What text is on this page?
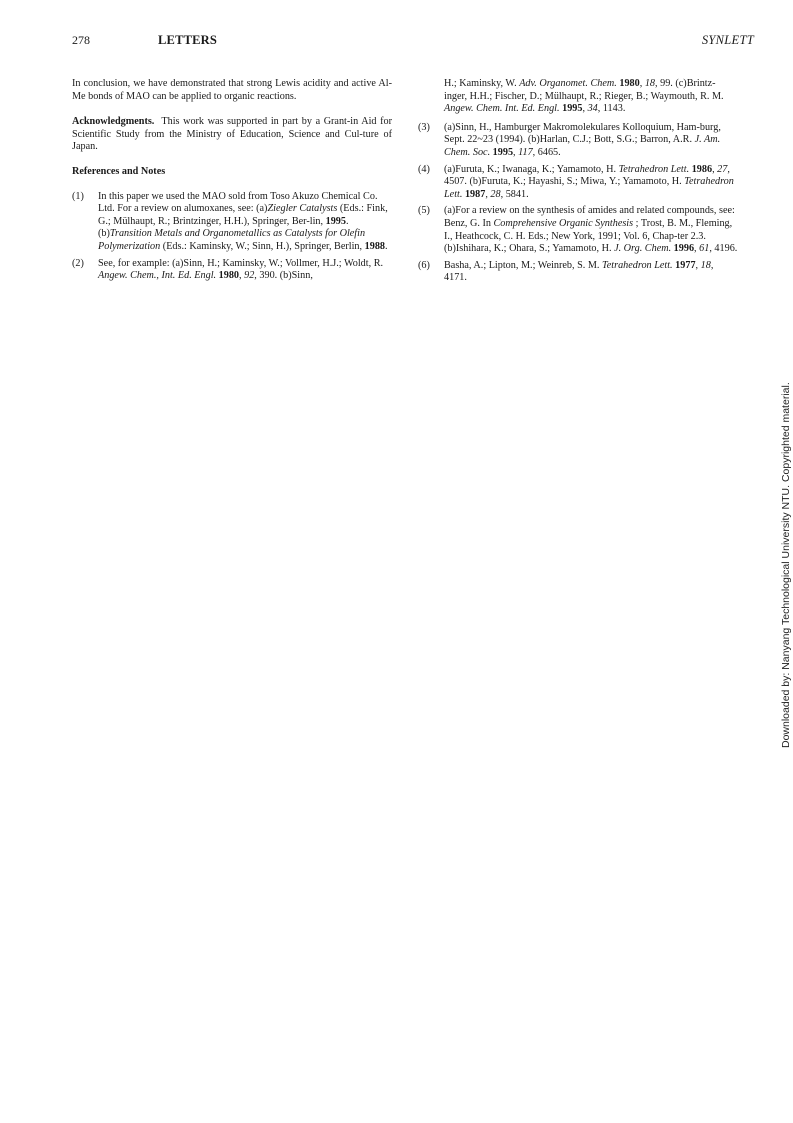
278	LETTERS	SYNLETT

In conclusion, we have demonstrated that strong Lewis acidity and active Al-Me bonds of MAO can be applied to organic reactions.

Acknowledgments. This work was supported in part by a Grant-in Aid for Scientific Study from the Ministry of Education, Science and Cul-ture of Japan.

References and Notes
(1) In this paper we used the MAO sold from Toso Akuzo Chemical Co. Ltd. For a review on alumoxanes, see: (a)Ziegler Catalysts (Eds.: Fink, G.; Mülhaupt, R.; Brintzinger, H.H.), Springer, Ber-lin, 1995. (b)Transition Metals and Organometallics as Catalysts for Olefin Polymerization (Eds.: Kaminsky, W.; Sinn, H.), Springer, Berlin, 1988.
(2) See, for example: (a)Sinn, H.; Kaminsky, W.; Vollmer, H.J.; Woldt, R. Angew. Chem., Int. Ed. Engl. 1980, 92, 390. (b)Sinn,
H.; Kaminsky, W. Adv. Organomet. Chem. 1980, 18, 99. (c)Brintz-inger, H.H.; Fischer, D.; Mülhaupt, R.; Rieger, B.; Waymouth, R. M. Angew. Chem. Int. Ed. Engl. 1995, 34, 1143.
(3) (a)Sinn, H., Hamburger Makromolekulares Kolloquium, Ham-burg, Sept. 22~23 (1994). (b)Harlan, C.J.; Bott, S.G.; Barron, A.R. J. Am. Chem. Soc. 1995, 117, 6465.
(4) (a)Furuta, K.; Iwanaga, K.; Yamamoto, H. Tetrahedron Lett. 1986, 27, 4507. (b)Furuta, K.; Hayashi, S.; Miwa, Y.; Yamamoto, H. Tetrahedron Lett. 1987, 28, 5841.
(5) (a)For a review on the synthesis of amides and related compounds, see: Benz, G. In Comprehensive Organic Synthesis ; Trost, B. M., Fleming, I., Heathcock, C. H. Eds.; New York, 1991; Vol. 6, Chap-ter 2.3. (b)Ishihara, K.; Ohara, S.; Yamamoto, H. J. Org. Chem. 1996, 61, 4196.
(6) Basha, A.; Lipton, M.; Weinreb, S. M. Tetrahedron Lett. 1977, 18, 4171.
Downloaded by: Nanyang Technological University NTU. Copyrighted material.
